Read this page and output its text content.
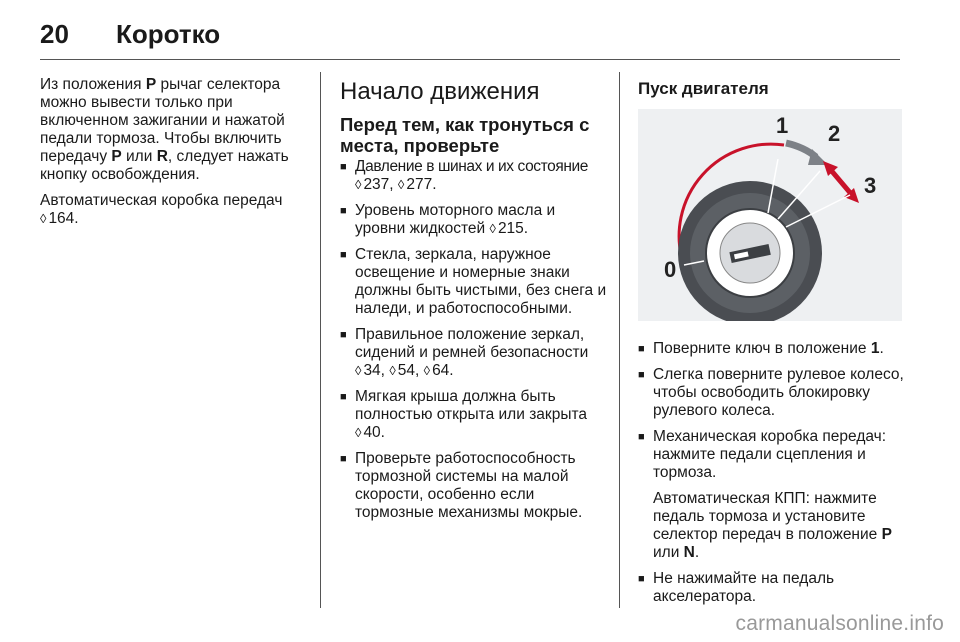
20	Коротко

Из положения P рычаг селектора можно вывести только при включенном зажигании и нажатой педали тормоза. Чтобы включить передачу P или R, следует нажать кнопку освобождения.

Автоматическая коробка передач
◊ 164.

Начало движения
Перед тем, как тронуться с места, проверьте
■ Давление в шинах и их состояние
◊ 237, ◊ 277.
■ Уровень моторного масла и уровни жидкостей ◊ 215.
■ Стекла, зеркала, наружное освещение и номерные знаки должны быть чистыми, без снега и наледи, и работоспособными.
■ Правильное положение зеркал, сидений и ремней безопасности
◊ 34, ◊ 54, ◊ 64.
■ Мягкая крыша должна быть полностью открыта или закрыта
◊ 40.
■ Проверьте работоспособность тормозной системы на малой скорости, особенно если тормозные механизмы мокрые.
Пуск двигателя
0
1 2
3
■ Поверните ключ в положение 1.
■ Слегка поверните рулевое колесо, чтобы освободить блокировку рулевого колеса.
■ Механическая коробка передач: нажмите педали сцепления и тормоза.
Автоматическая КПП: нажмите педаль тормоза и установите селектор передач в положение P или N.
■ Не нажимайте на педаль акселератора.
carmanualsonline.info
